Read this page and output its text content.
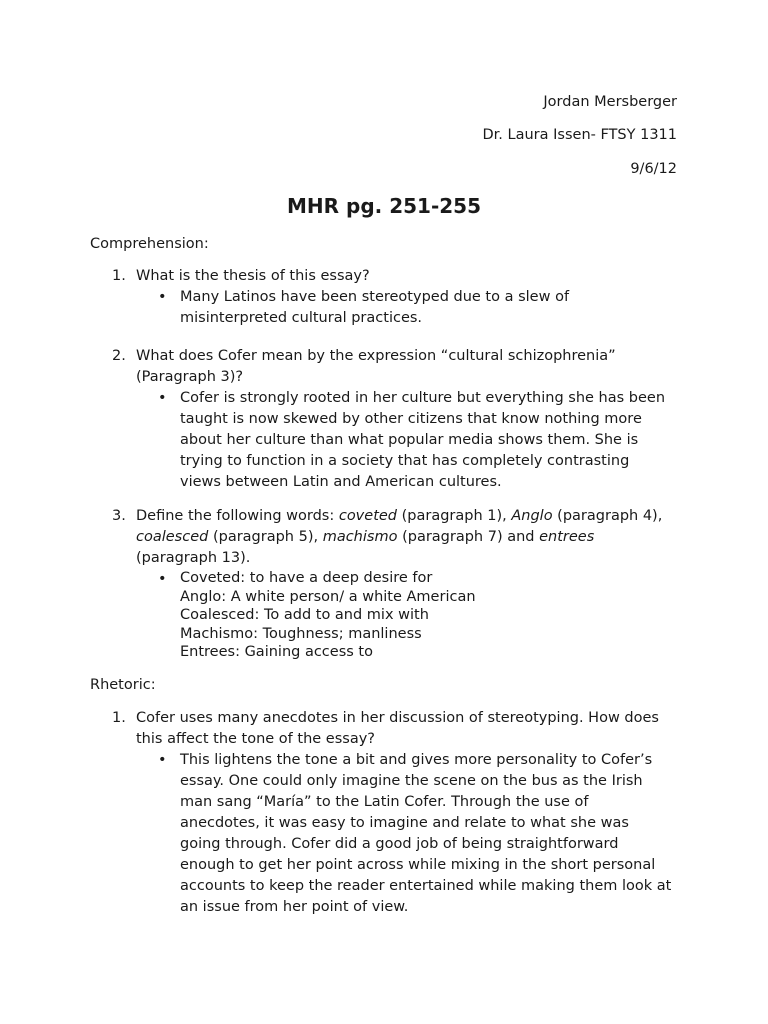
Jordan Mersberger
Dr. Laura Issen- FTSY 1311
9/6/12
MHR pg. 251-255
Comprehension:
1. What is the thesis of this essay?
• Many Latinos have been stereotyped due to a slew of misinterpreted cultural practices.
2. What does Cofer mean by the expression “cultural schizophrenia” (Paragraph 3)?
• Cofer is strongly rooted in her culture but everything she has been taught is now skewed by other citizens that know nothing more about her culture than what popular media shows them. She is trying to function in a society that has completely contrasting views between Latin and American cultures.
3. Define the following words: coveted (paragraph 1), Anglo (paragraph 4), coalesced (paragraph 5), machismo (paragraph 7) and entrees (paragraph 13).
• Coveted: to have a deep desire for
Anglo: A white person/ a white American
Coalesced: To add to and mix with
Machismo: Toughness; manliness
Entrees: Gaining access to
Rhetoric:
1. Cofer uses many anecdotes in her discussion of stereotyping. How does this affect the tone of the essay?
• This lightens the tone a bit and gives more personality to Cofer’s essay. One could only imagine the scene on the bus as the Irish man sang “María” to the Latin Cofer. Through the use of anecdotes, it was easy to imagine and relate to what she was going through. Cofer did a good job of being straightforward enough to get her point across while mixing in the short personal accounts to keep the reader entertained while making them look at an issue from her point of view.
